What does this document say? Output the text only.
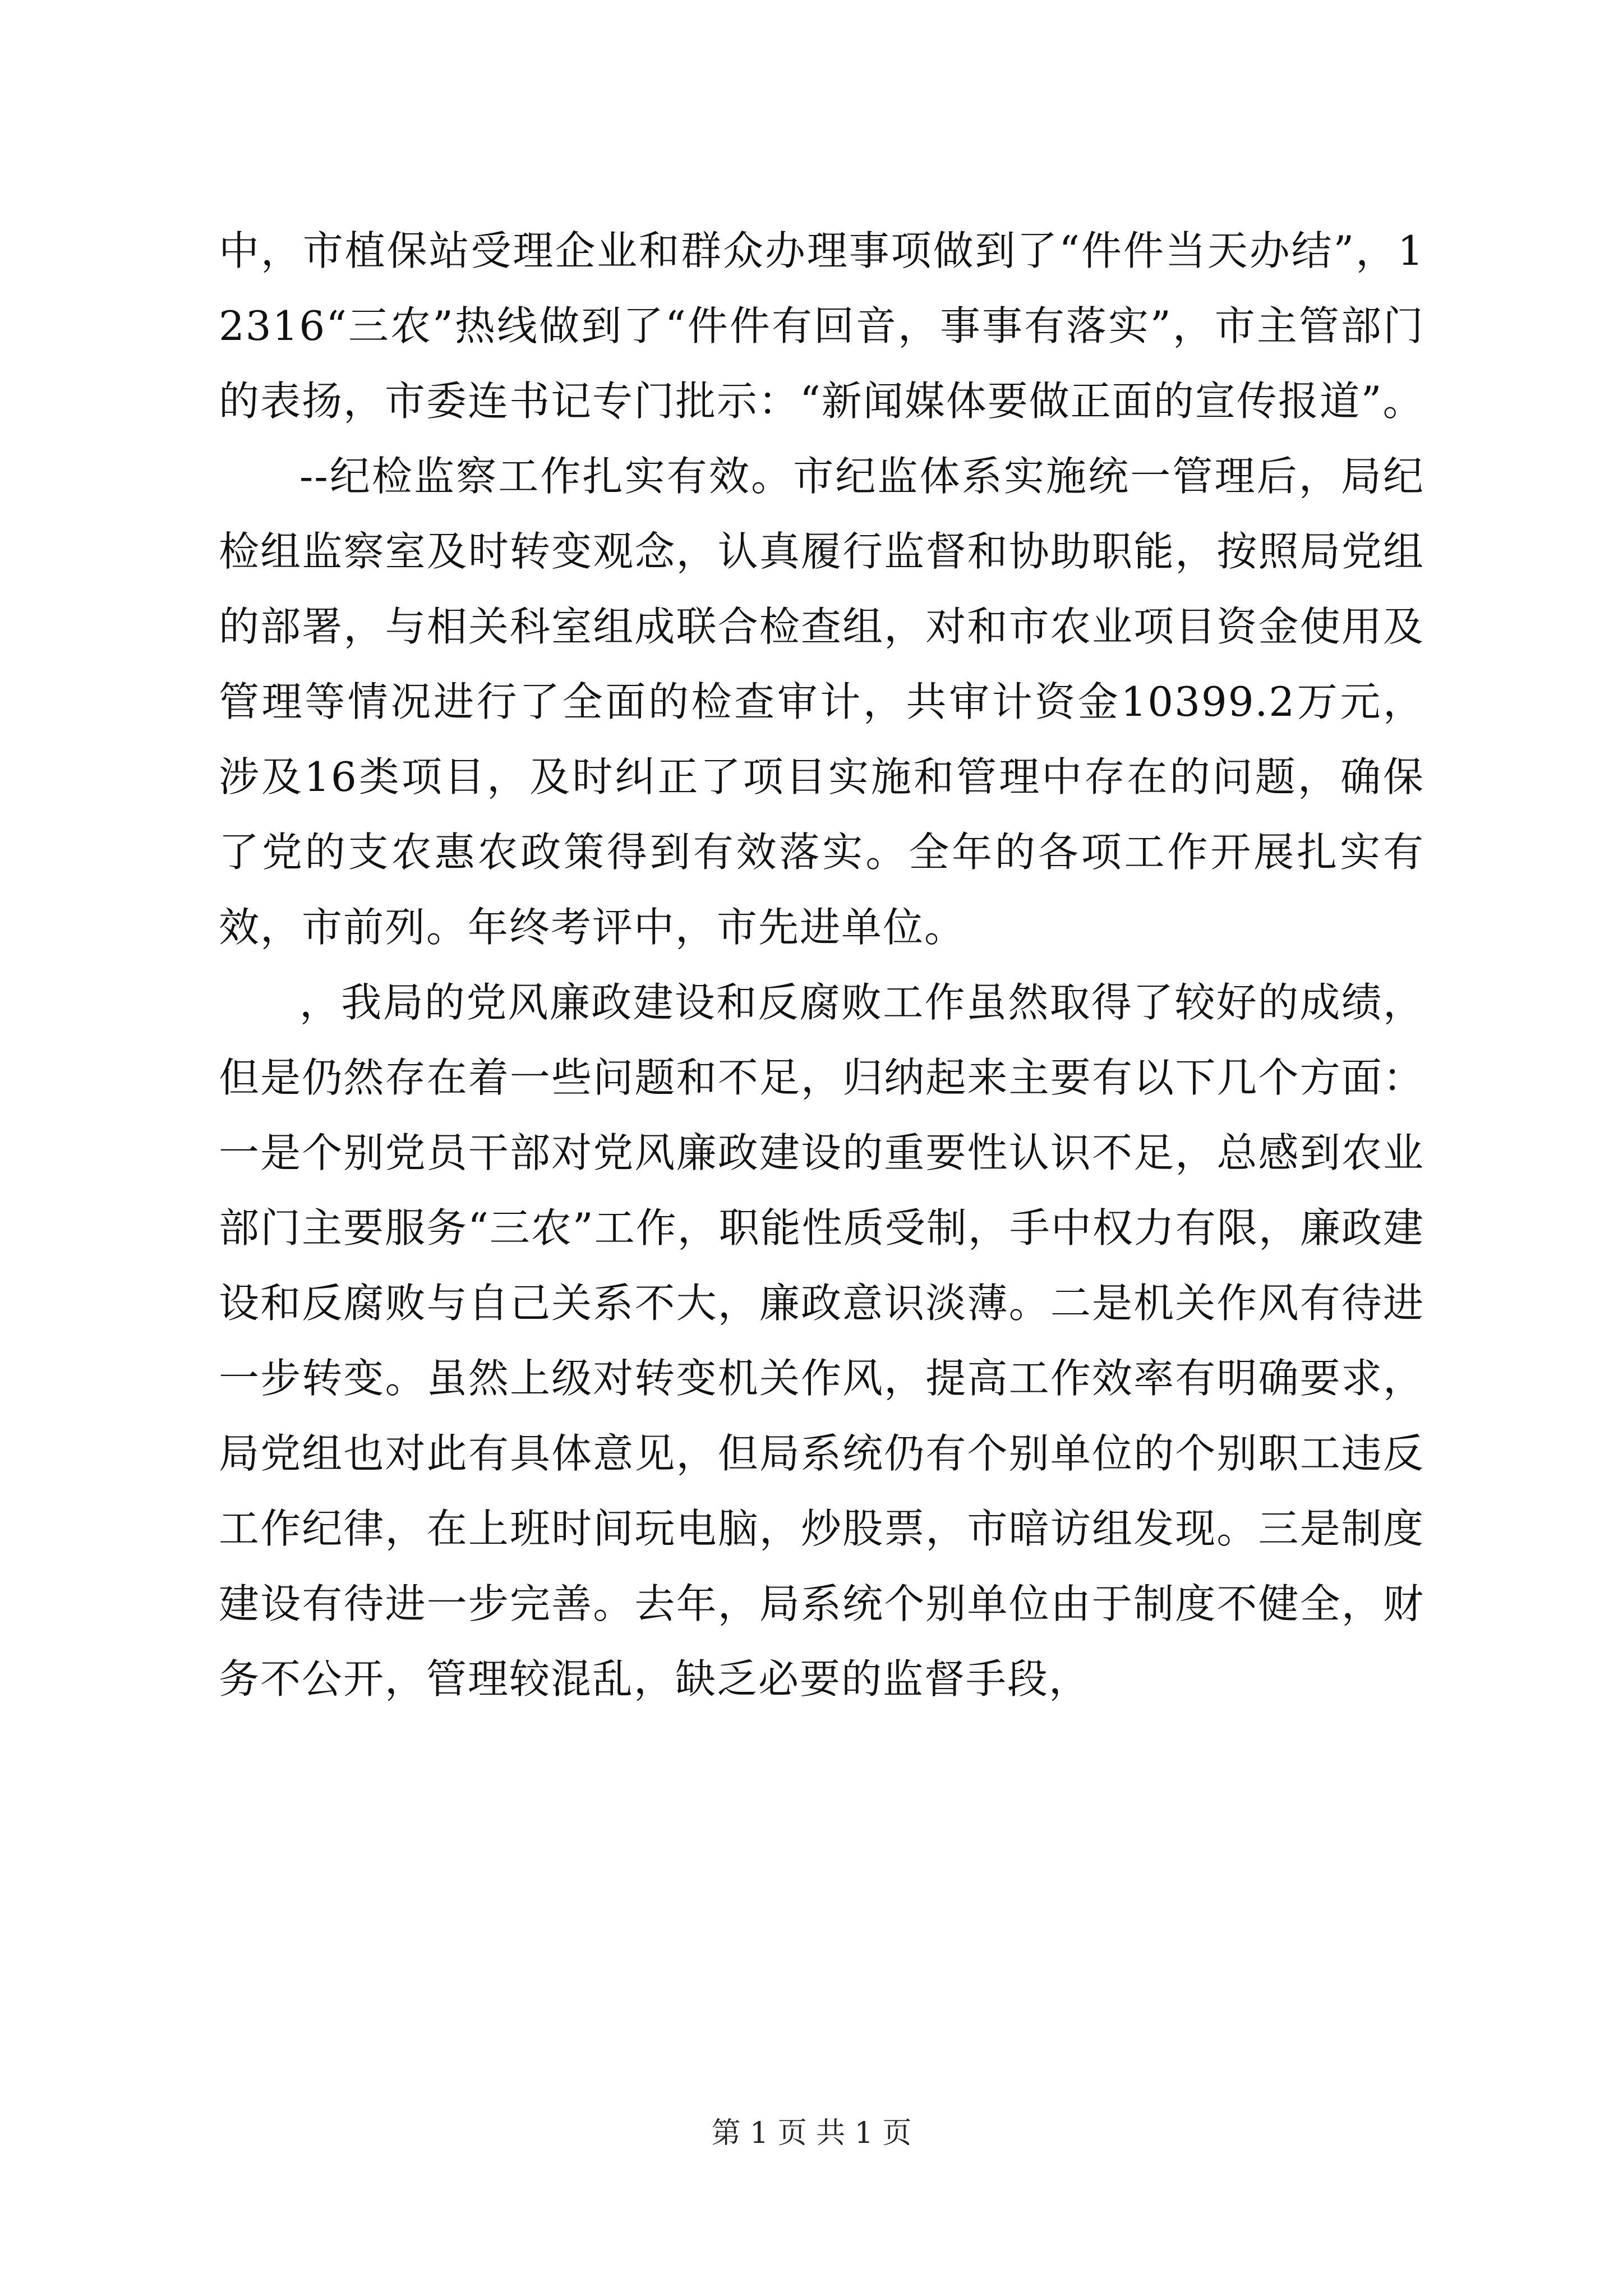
中，市植保站受理企业和群众办理事项做到了“件件当天办结”，12316“三农”热线做到了“件件有回音，事事有落实”，市主管部门的表扬，市委连书记专门批示：“新闻媒体要做正面的宣传报道”。

--纪检监察工作扎实有效。市纪监体系实施统一管理后，局纪检组监察室及时转变观念，认真履行监督和协助职能，按照局党组的部署，与相关科室组成联合检查组，对和市农业项目资金使用及管理等情况进行了全面的检查审计，共审计资金10399.2万元，涉及16类项目，及时纠正了项目实施和管理中存在的问题，确保了党的支农惠农政策得到有效落实。全年的各项工作开展扎实有效，市前列。年终考评中，市先进单位。

，我局的党风廉政建设和反腐败工作虽然取得了较好的成绩，但是仍然存在着一些问题和不足，归纳起来主要有以下几个方面：一是个别党员干部对党风廉政建设的重要性认识不足，总感到农业部门主要服务“三农”工作，职能性质受制，手中权力有限，廉政建设和反腐败与自己关系不大，廉政意识淡薄。二是机关作风有待进一步转变。虽然上级对转变机关作风，提高工作效率有明确要求，局党组也对此有具体意见，但局系统仍有个别单位的个别职工违反工作纪律，在上班时间玩电脑，炒股票，市暗访组发现。三是制度建设有待进一步完善。去年，局系统个别单位由于制度不健全，财务不公开，管理较混乱，缺乏必要的监督手段，

第 1 页 共 1 页
